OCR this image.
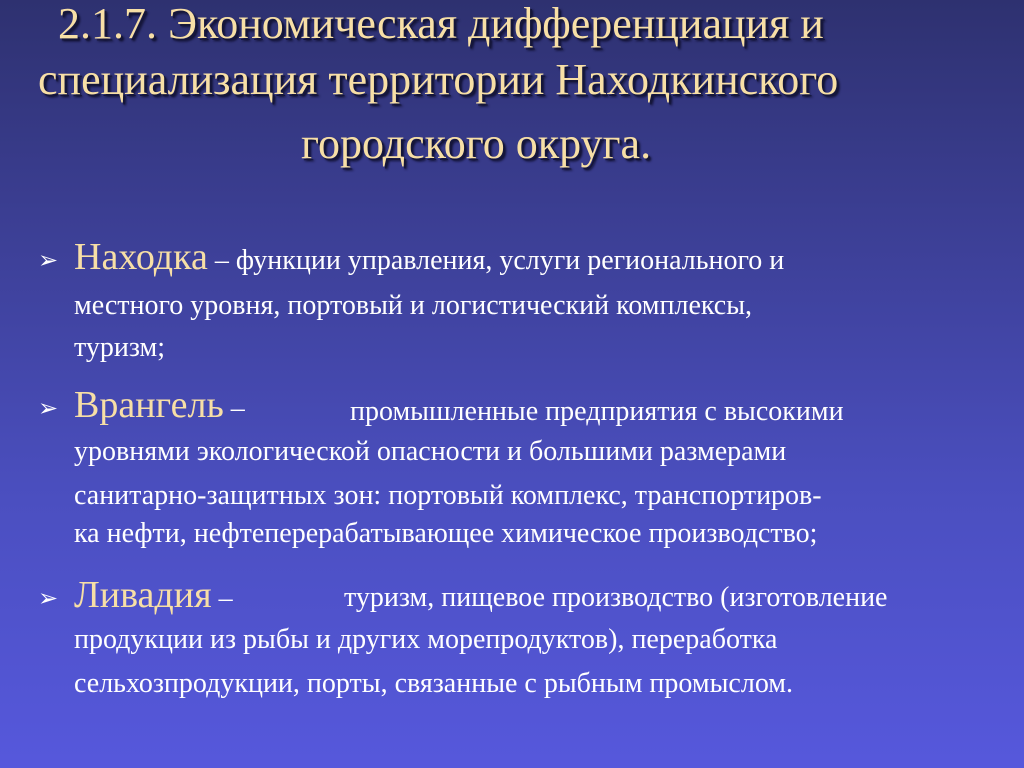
2.1.7. Экономическая дифференциация и
специализация территории Находкинского
городского округа.
➢ Находка – функции управления, услуги регионального и
местного уровня, портовый и логистический комплексы,
туризм;
➢ Врангель –	промышленные предприятия с высокими
уровнями экологической опасности и большими размерами
санитарно-защитных зон: портовый комплекс, транспортиров-
ка нефти, нефтеперерабатывающее химическое производство;
➢ Ливадия –	туризм, пищевое производство (изготовление
продукции из рыбы и других морепродуктов), переработка
сельхозпродукции, порты, связанные с рыбным промыслом.
